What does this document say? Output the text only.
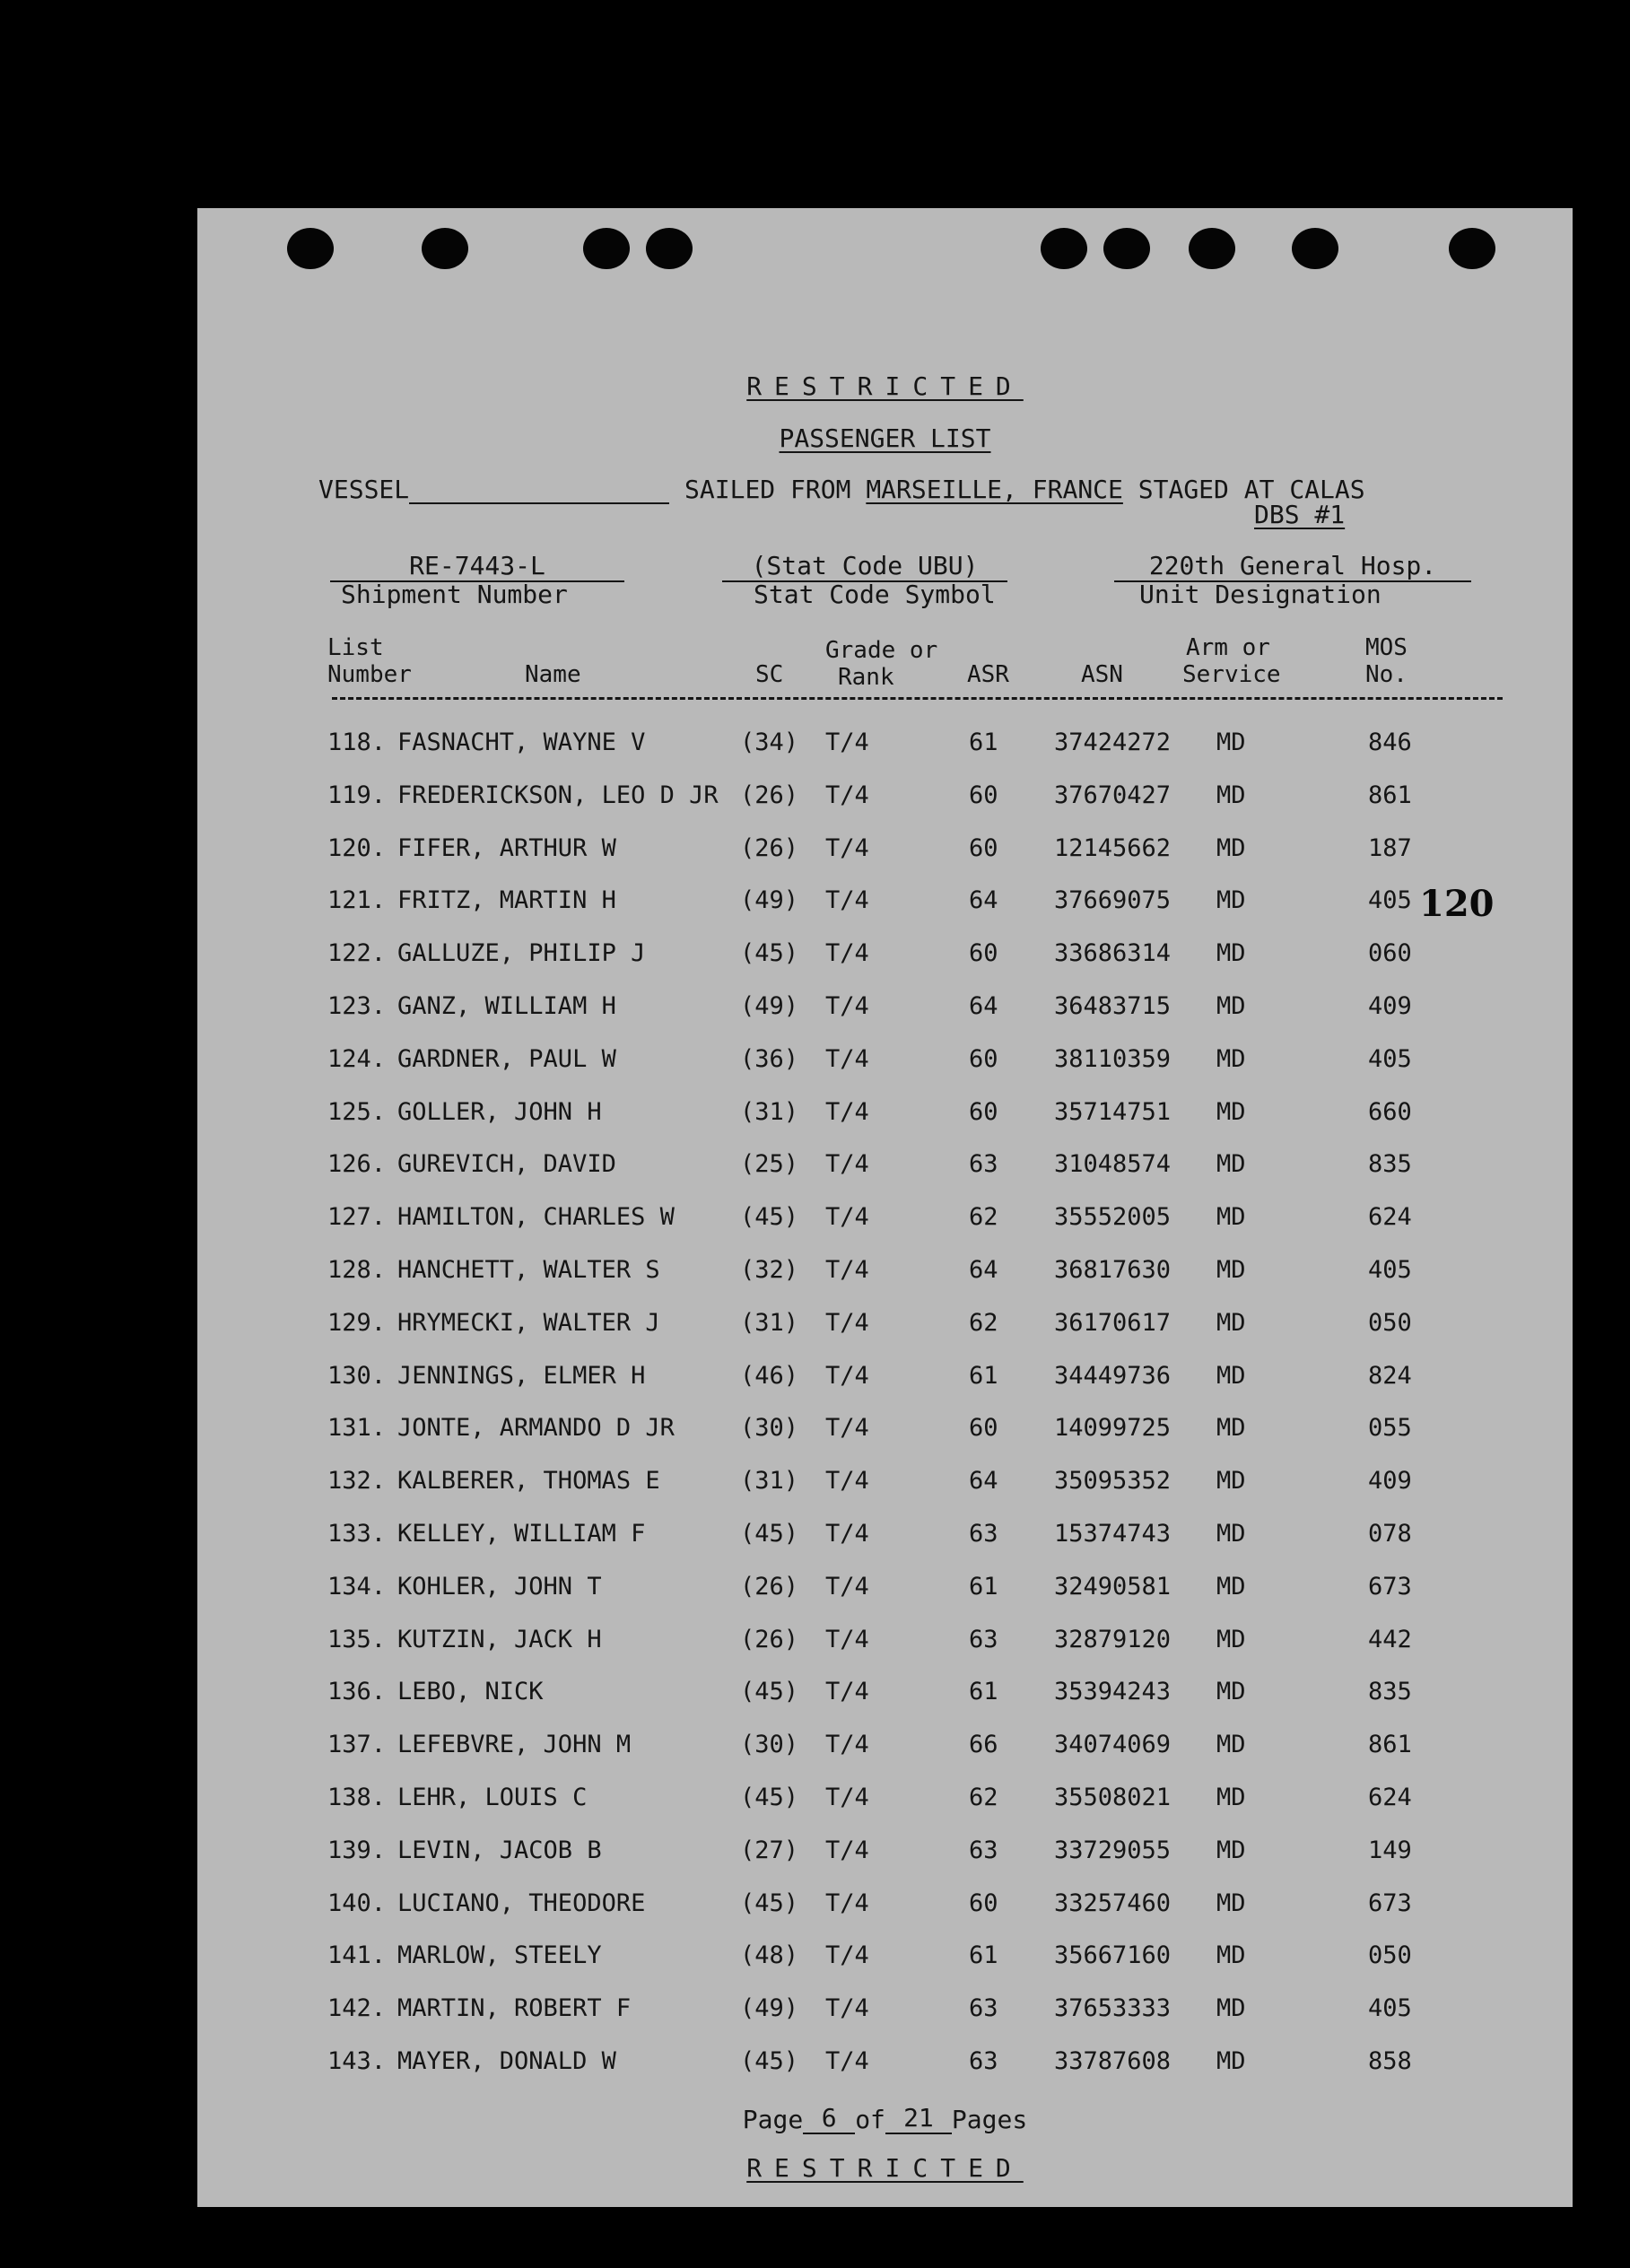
RESTRICTED
PASSENGER LIST
VESSEL	SAILED FROM MARSEILLE, FRANCE STAGED AT CALAS
DBS #1
RE-7443-L
Shipment Number
(Stat Code UBU)
Stat Code Symbol
220th General Hosp.
Unit Designation
List
Number	Name	SC
Grade or
Rank	ASR	ASN
Arm or
Service
MOS
No.
118. FASNACHT, WAYNE V	(34) T/4	61 37424272 MD	846
119. FREDERICKSON, LEO D JR (26) T/4	60 37670427 MD	861
120. FIFER, ARTHUR W	(26) T/4	60 12145662 MD	187
121. FRITZ, MARTIN H	(49) T/4	64 37669075 MD	405
122. GALLUZE, PHILIP J	(45) T/4	60 33686314 MD	060
123. GANZ, WILLIAM H	(49) T/4	64 36483715 MD	409
124. GARDNER, PAUL W	(36) T/4	60 38110359 MD	405
125. GOLLER, JOHN H	(31) T/4	60 35714751 MD	660
126. GUREVICH, DAVID	(25) T/4	63 31048574 MD	835
127. HAMILTON, CHARLES W	(45) T/4	62 35552005 MD	624
128. HANCHETT, WALTER S	(32) T/4	64 36817630 MD	405
129. HRYMECKI, WALTER J	(31) T/4	62 36170617 MD	050
130. JENNINGS, ELMER H	(46) T/4	61 34449736 MD	824
131. JONTE, ARMANDO D JR	(30) T/4	60 14099725 MD	055
132. KALBERER, THOMAS E	(31) T/4	64 35095352 MD	409
133. KELLEY, WILLIAM F	(45) T/4	63 15374743 MD	078
134. KOHLER, JOHN T	(26) T/4	61 32490581 MD	673
135. KUTZIN, JACK H	(26) T/4	63 32879120 MD	442
136. LEBO, NICK	(45) T/4	61 35394243 MD	835
137. LEFEBVRE, JOHN M	(30) T/4	66 34074069 MD	861
138. LEHR, LOUIS C	(45) T/4	62 35508021 MD	624
139. LEVIN, JACOB B	(27) T/4	63 33729055 MD	149
140. LUCIANO, THEODORE	(45) T/4	60 33257460 MD	673
141. MARLOW, STEELY	(48) T/4	61 35667160 MD	050
142. MARTIN, ROBERT F	(49) T/4	63 37653333 MD	405
143. MAYER, DONALD W	(45) T/4	63 33787608 MD	858
120
Page 6 of 21 Pages
RESTRICTED
